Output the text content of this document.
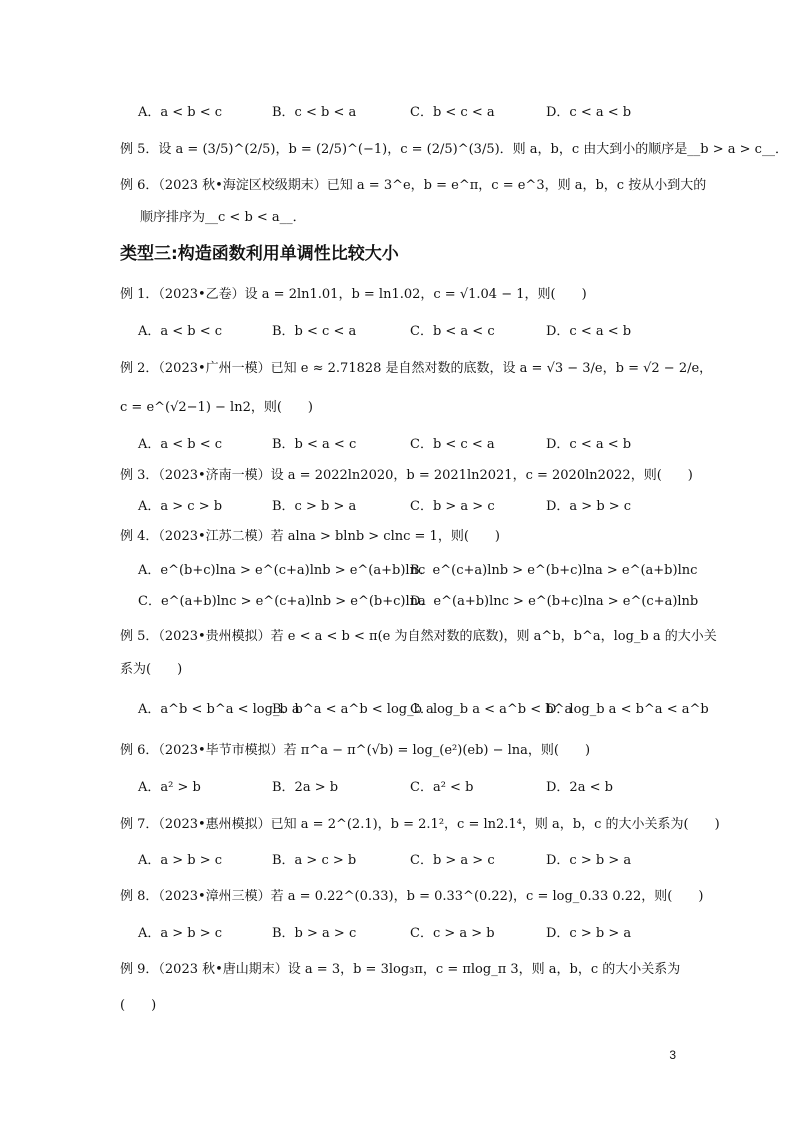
A．a < b < c	B．c < b < a	C．b < c < a	D．c < a < b
例 5．设 a = (3/5)^(2/5)，b = (2/5)^(−1)，c = (2/5)^(3/5)．则 a，b，c 由大到小的顺序是__b > a > c__．
例 6．（2023 秋•海淀区校级期末）已知 a = 3^e，b = e^π，c = e^3，则 a，b，c 按从小到大的
顺序排序为__c < b < a__．
类型三:构造函数利用单调性比较大小
例 1．（2023•乙卷）设 a = 2ln1.01，b = ln1.02，c = √1.04 − 1，则(　　)
A．a < b < c	B．b < c < a	C．b < a < c	D．c < a < b
例 2．（2023•广州一模）已知 e ≈ 2.71828 是自然对数的底数，设 a = √3 − 3/e，b = √2 − 2/e，
c = e^(√2−1) − ln2，则(　　)
A．a < b < c	B．b < a < c	C．b < c < a	D．c < a < b
例 3．（2023•济南一模）设 a = 2022ln2020，b = 2021ln2021，c = 2020ln2022，则(　　)
A．a > c > b	B．c > b > a	C．b > a > c	D．a > b > c
例 4．（2023•江苏二模）若 alna > blnb > clnc = 1，则(　　)
A．e^(b+c)lna > e^(c+a)lnb > e^(a+b)lnc
B．e^(c+a)lnb > e^(b+c)lna > e^(a+b)lnc
C．e^(a+b)lnc > e^(c+a)lnb > e^(b+c)lna
D．e^(a+b)lnc > e^(b+c)lna > e^(c+a)lnb
例 5．（2023•贵州模拟）若 e < a < b < π(e 为自然对数的底数)，则 a^b，b^a，log_b a 的大小关
系为(　　)
A．a^b < b^a < log_b a
B．b^a < a^b < log_b a
C．log_b a < a^b < b^a
D．log_b a < b^a < a^b
例 6．（2023•毕节市模拟）若 π^a − π^(√b) = log_(e²)(eb) − lna，则(　　)
A．a² > b	B．2a > b	C．a² < b	D．2a < b
例 7．（2023•惠州模拟）已知 a = 2^(2.1)，b = 2.1²，c = ln2.1⁴，则 a，b，c 的大小关系为(　　)
A．a > b > c	B．a > c > b	C．b > a > c	D．c > b > a
例 8．（2023•漳州三模）若 a = 0.22^(0.33)，b = 0.33^(0.22)，c = log_0.33 0.22，则(　　)
A．a > b > c	B．b > a > c	C．c > a > b	D．c > b > a
例 9．（2023 秋•唐山期末）设 a = 3，b = 3log₃π，c = πlog_π 3，则 a，b，c 的大小关系为
(　　)
3
